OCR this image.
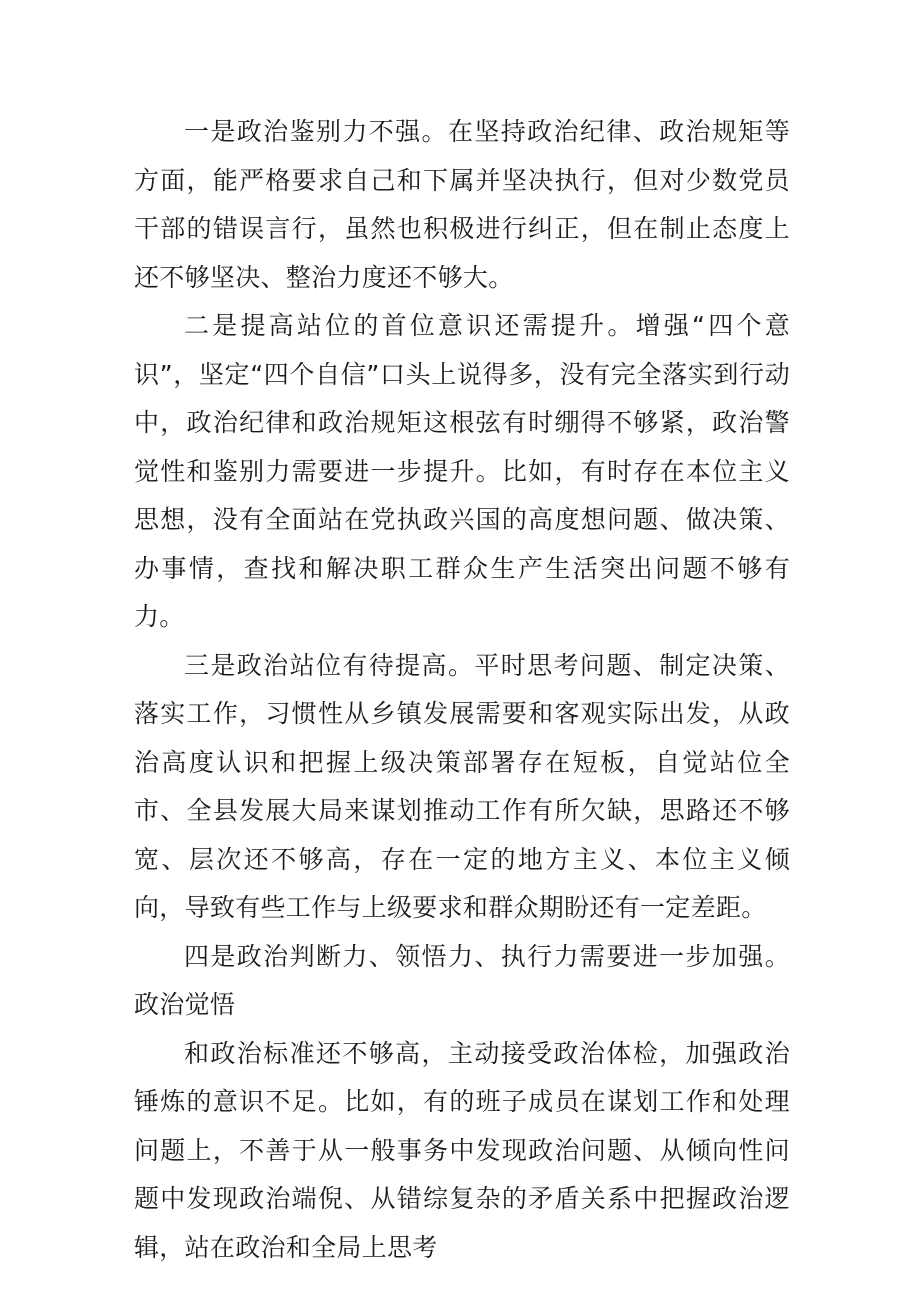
一是政治鉴别力不强。在坚持政治纪律、政治规矩等方面，能严格要求自己和下属并坚决执行，但对少数党员干部的错误言行，虽然也积极进行纠正，但在制止态度上还不够坚决、整治力度还不够大。

二是提高站位的首位意识还需提升。增强“四个意识”，坚定“四个自信”口头上说得多，没有完全落实到行动中，政治纪律和政治规矩这根弦有时绷得不够紧，政治警觉性和鉴别力需要进一步提升。比如，有时存在本位主义思想，没有全面站在党执政兴国的高度想问题、做决策、办事情，查找和解决职工群众生产生活突出问题不够有力。

三是政治站位有待提高。平时思考问题、制定决策、落实工作，习惯性从乡镇发展需要和客观实际出发，从政治高度认识和把握上级决策部署存在短板，自觉站位全市、全县发展大局来谋划推动工作有所欠缺，思路还不够宽、层次还不够高，存在一定的地方主义、本位主义倾向，导致有些工作与上级要求和群众期盼还有一定差距。

四是政治判断力、领悟力、执行力需要进一步加强。政治觉悟

和政治标准还不够高，主动接受政治体检，加强政治锤炼的意识不足。比如，有的班子成员在谋划工作和处理问题上，不善于从一般事务中发现政治问题、从倾向性问题中发现政治端倪、从错综复杂的矛盾关系中把握政治逻辑，站在政治和全局上思考
